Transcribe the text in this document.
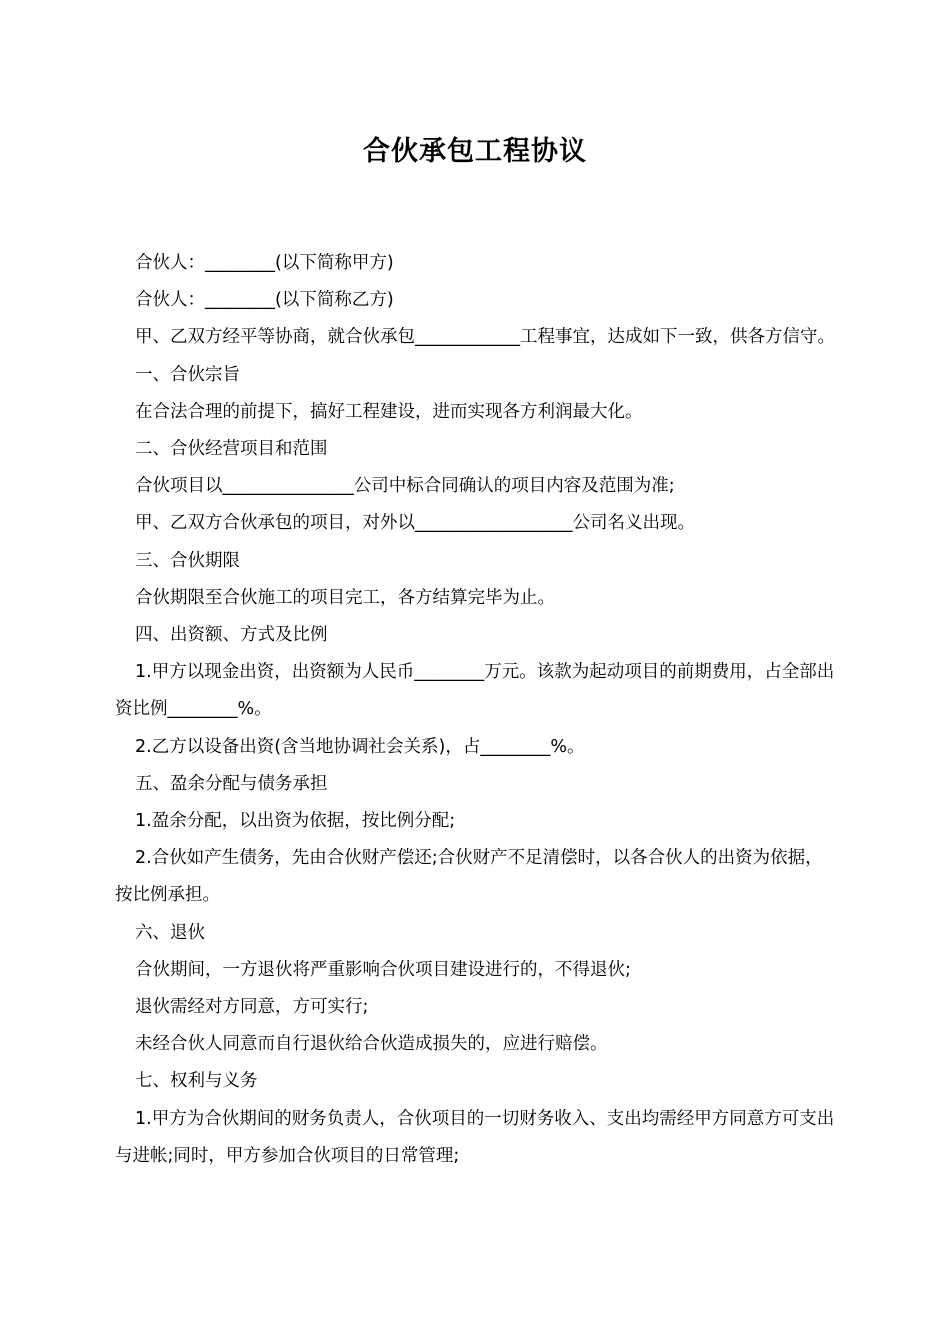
合伙承包工程协议

合伙人：________(以下简称甲方)

合伙人：________(以下简称乙方)

甲、乙双方经平等协商，就合伙承包____________工程事宜，达成如下一致，供各方信守。

一、合伙宗旨

在合法合理的前提下，搞好工程建设，进而实现各方利润最大化。

二、合伙经营项目和范围

合伙项目以_______________公司中标合同确认的项目内容及范围为准;

甲、乙双方合伙承包的项目，对外以__________________公司名义出现。

三、合伙期限

合伙期限至合伙施工的项目完工，各方结算完毕为止。

四、出资额、方式及比例

1.甲方以现金出资，出资额为人民币________万元。该款为起动项目的前期费用，占全部出资比例________%。

2.乙方以设备出资(含当地协调社会关系)，占________%。

五、盈余分配与债务承担

1.盈余分配，以出资为依据，按比例分配;

2.合伙如产生债务，先由合伙财产偿还;合伙财产不足清偿时，以各合伙人的出资为依据，按比例承担。

六、退伙

合伙期间，一方退伙将严重影响合伙项目建设进行的，不得退伙;

退伙需经对方同意，方可实行;

未经合伙人同意而自行退伙给合伙造成损失的，应进行赔偿。

七、权利与义务

1.甲方为合伙期间的财务负责人，合伙项目的一切财务收入、支出均需经甲方同意方可支出与进帐;同时，甲方参加合伙项目的日常管理;
